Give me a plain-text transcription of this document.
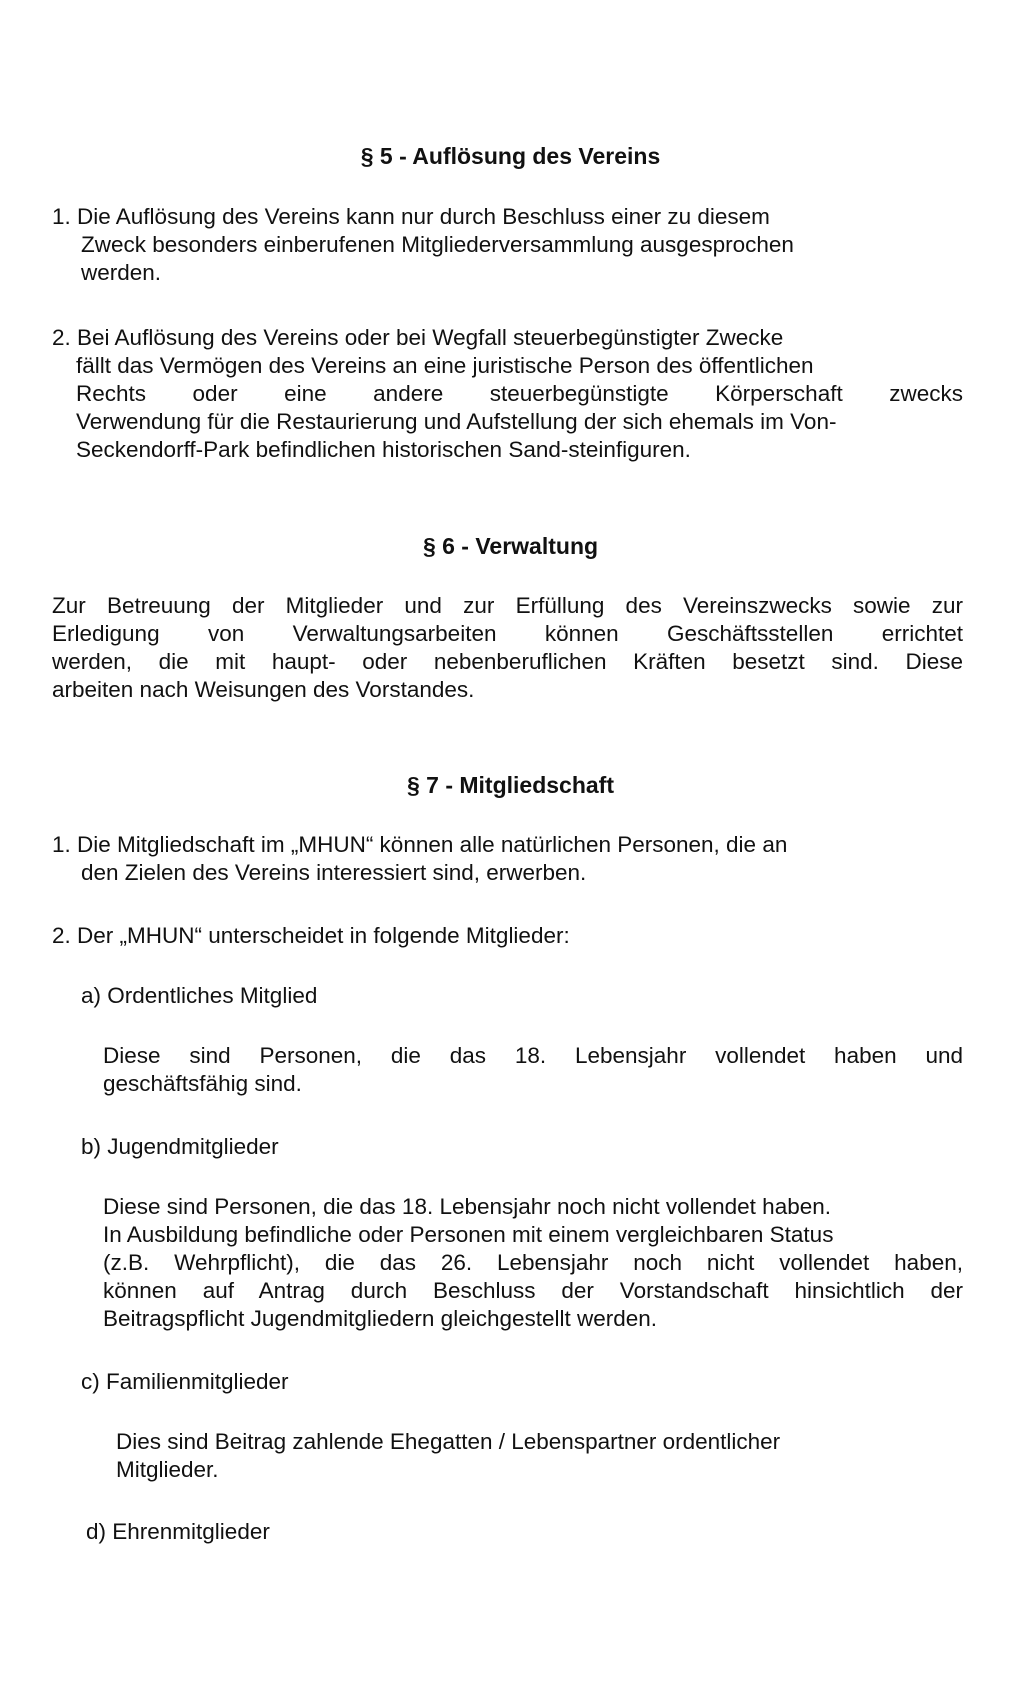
§ 5 - Auflösung des Vereins
1. Die Auflösung des Vereins kann nur durch Beschluss einer zu diesem
Zweck besonders einberufenen Mitgliederversammlung ausgesprochen
werden.
2. Bei Auflösung des Vereins oder bei Wegfall steuerbegünstigter Zwecke
fällt das Vermögen des Vereins an eine juristische Person des öffentlichen
Rechts oder eine andere steuerbegünstigte Körperschaft zwecks
Verwendung für die Restaurierung und Aufstellung der sich ehemals im Von-
Seckendorff-Park befindlichen historischen Sand-steinfiguren.
§ 6 - Verwaltung
Zur Betreuung der Mitglieder und zur Erfüllung des Vereinszwecks sowie zur
Erledigung von Verwaltungsarbeiten können Geschäftsstellen errichtet
werden, die mit haupt- oder nebenberuflichen Kräften besetzt sind. Diese
arbeiten nach Weisungen des Vorstandes.
§ 7 - Mitgliedschaft
1. Die Mitgliedschaft im „MHUN“ können alle natürlichen Personen, die an
den Zielen des Vereins interessiert sind, erwerben.
2. Der „MHUN“ unterscheidet in folgende Mitglieder:
a) Ordentliches Mitglied
Diese sind Personen, die das 18. Lebensjahr vollendet haben und
geschäftsfähig sind.
b) Jugendmitglieder
Diese sind Personen, die das 18. Lebensjahr noch nicht vollendet haben.
In Ausbildung befindliche oder Personen mit einem vergleichbaren Status
(z.B. Wehrpflicht), die das 26. Lebensjahr noch nicht vollendet haben,
können auf Antrag durch Beschluss der Vorstandschaft hinsichtlich der
Beitragspflicht Jugendmitgliedern gleichgestellt werden.
c) Familienmitglieder
Dies sind Beitrag zahlende Ehegatten / Lebenspartner ordentlicher
Mitglieder.
d) Ehrenmitglieder
